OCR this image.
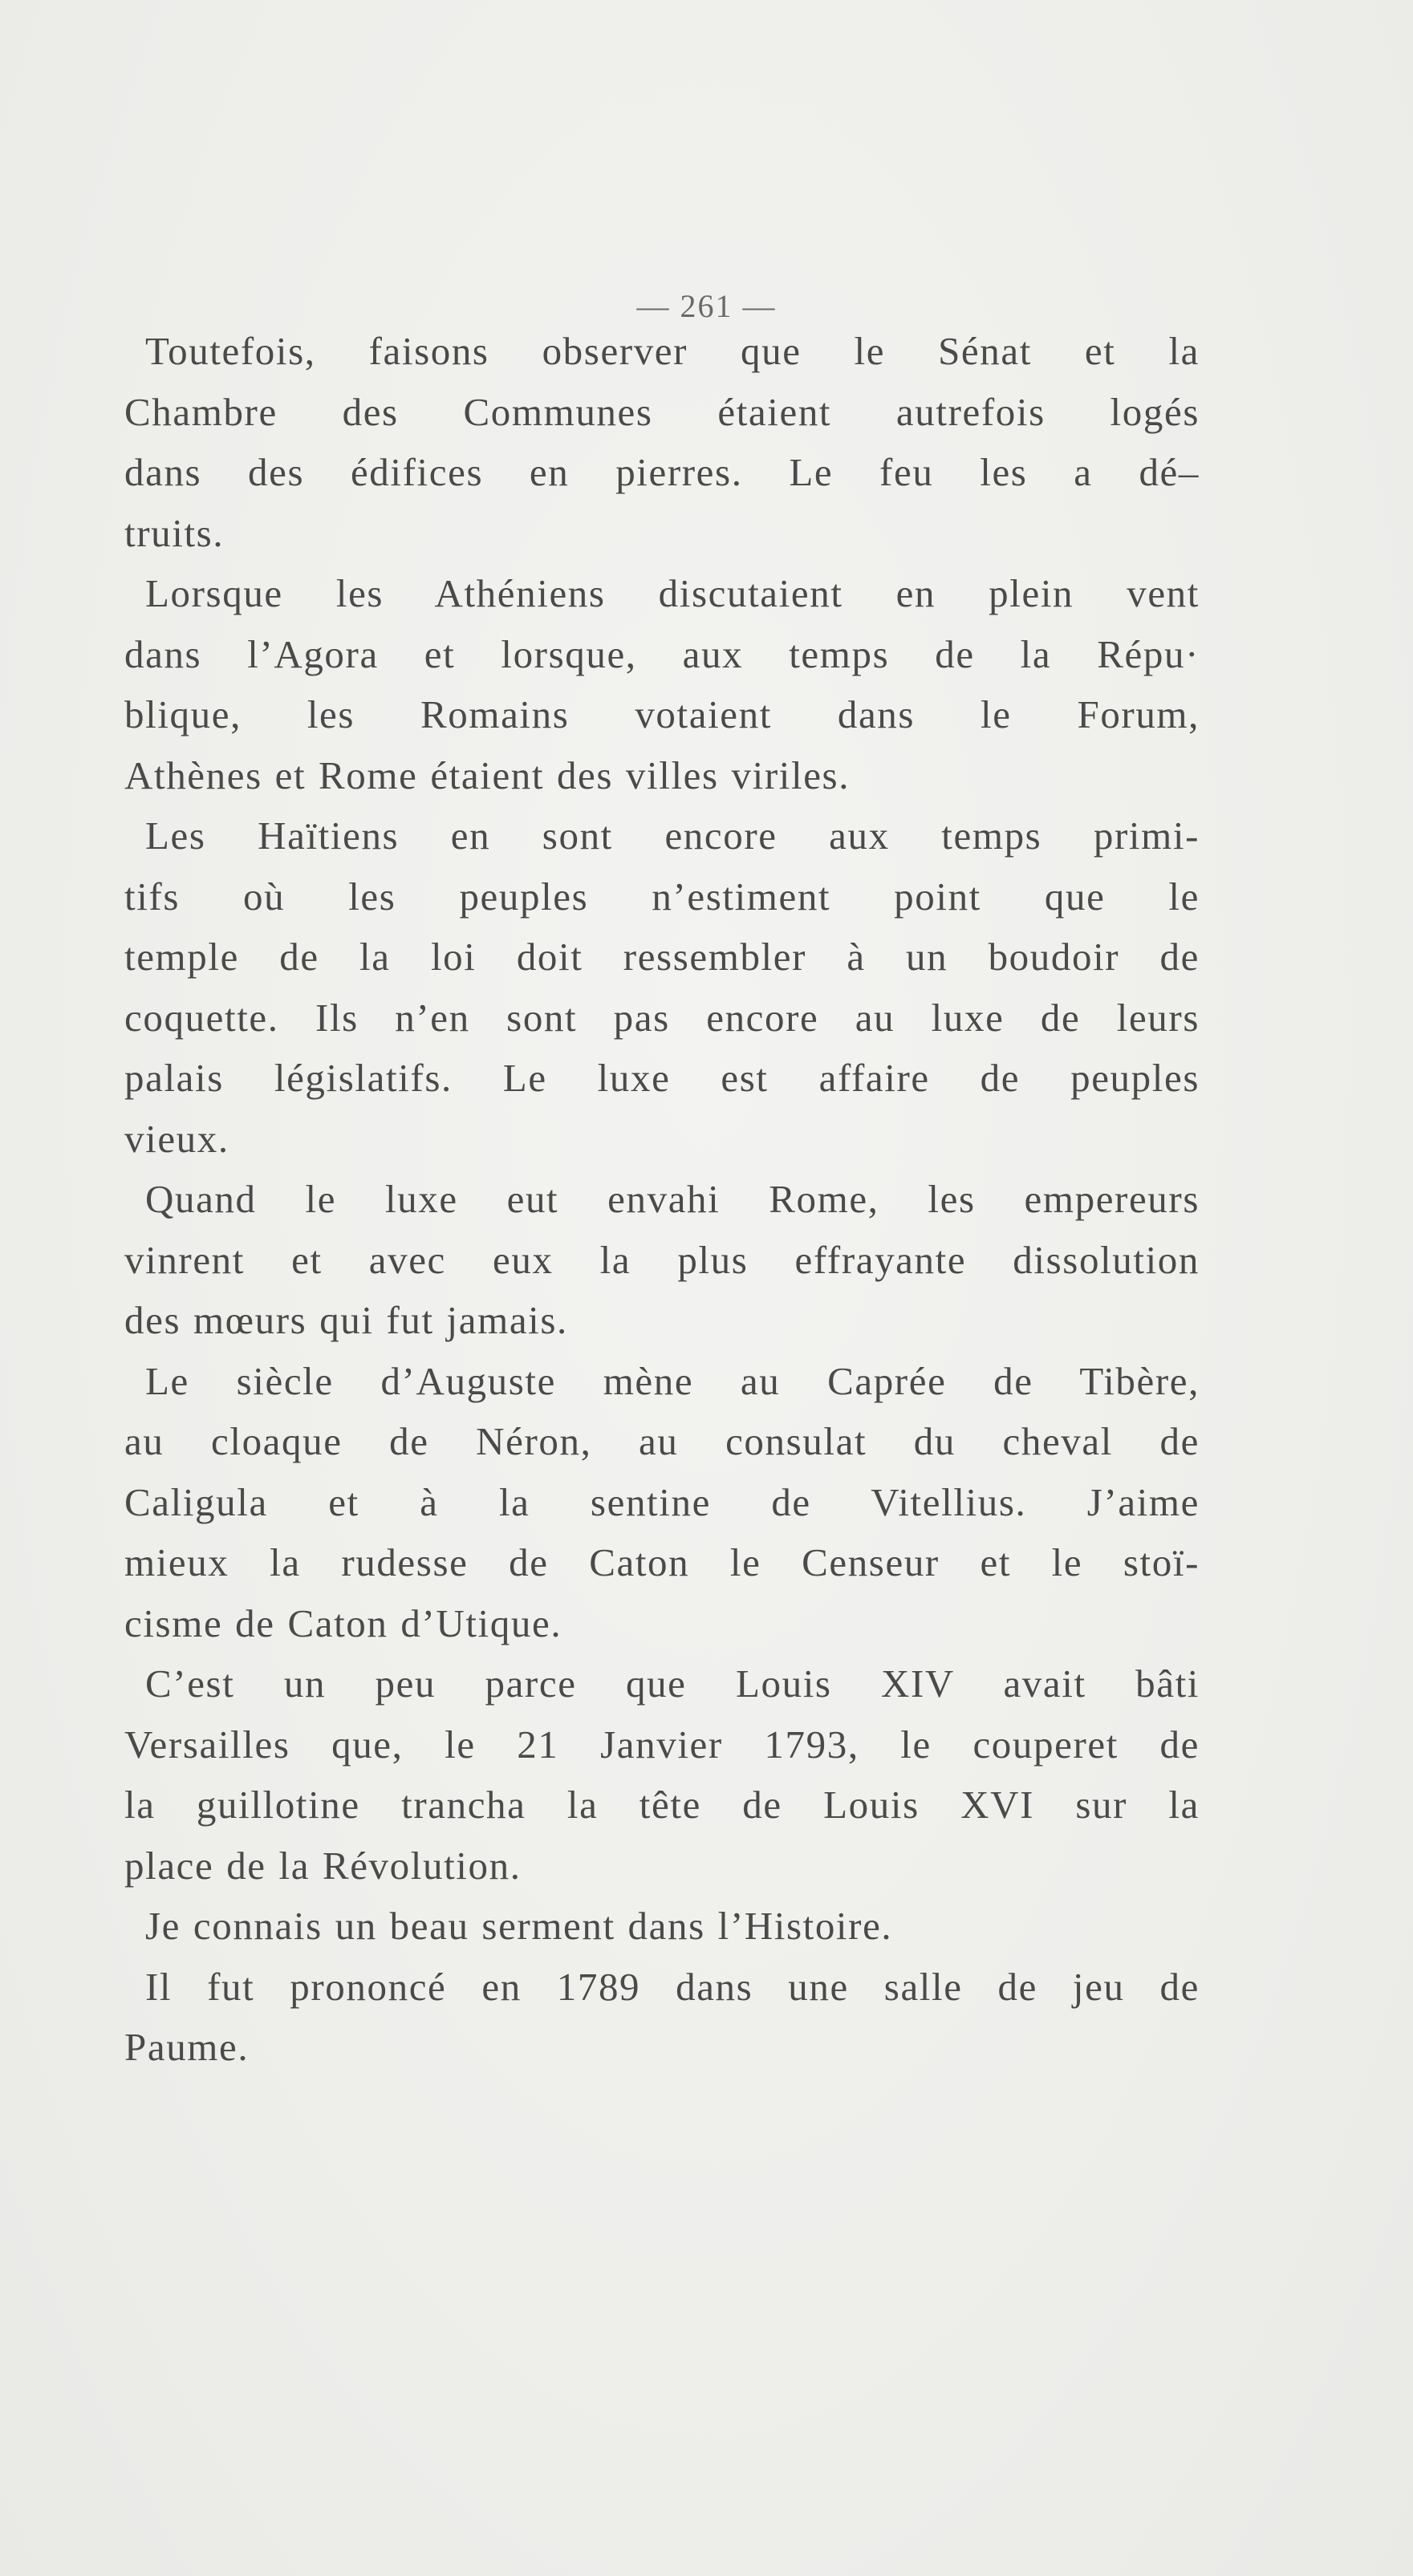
— 261 —
Toutefois, faisons observer que le Sénat et la
Chambre des Communes étaient autrefois logés
dans des édifices en pierres. Le feu les a dé–
truits.
Lorsque les Athéniens discutaient en plein vent
dans l’Agora et lorsque, aux temps de la Répu·
blique, les Romains votaient dans le Forum,
Athènes et Rome étaient des villes viriles.
Les Haïtiens en sont encore aux temps primi-
tifs où les peuples n’estiment point que le
temple de la loi doit ressembler à un boudoir de
coquette. Ils n’en sont pas encore au luxe de leurs
palais législatifs. Le luxe est affaire de peuples
vieux.
Quand le luxe eut envahi Rome, les empereurs
vinrent et avec eux la plus effrayante dissolution
des mœurs qui fut jamais.
Le siècle d’Auguste mène au Caprée de Tibère,
au cloaque de Néron, au consulat du cheval de
Caligula et à la sentine de Vitellius. J’aime
mieux la rudesse de Caton le Censeur et le stoï-
cisme de Caton d’Utique.
C’est un peu parce que Louis XIV avait bâti
Versailles que, le 21 Janvier 1793, le couperet de
la guillotine trancha la tête de Louis XVI sur la
place de la Révolution.
Je connais un beau serment dans l’Histoire.
Il fut prononcé en 1789 dans une salle de jeu de
Paume.
